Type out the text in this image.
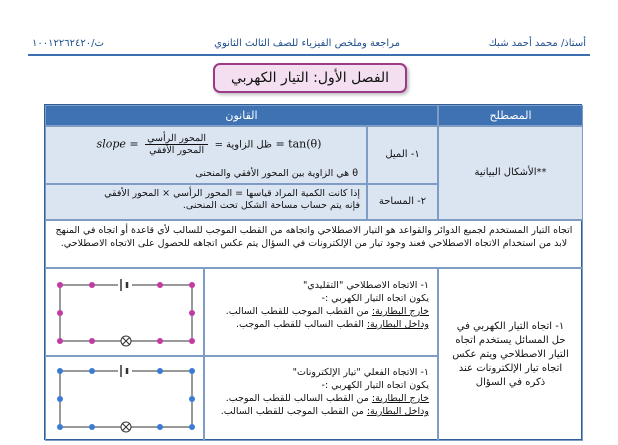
أستاذ/ محمد أحمد شبك
مراجعة وملخص الفيزياء للصف الثالث الثانوي
ت/١٠٠١٢٢٦٢٤٢٠
الفصل الأول: التيار الكهربي
المصطلح
القانون
**الأشكال البيانية
١- الميل
slope = $\frac{\text{المحور الرأسي}}{\text{المحور الأفقي}}$ = ظل الزاوية = tan(θ)
θ هي الزاوية بين المحور الأفقي والمنحنى
٢- المساحة
إذا كانت الكمية المراد قياسها = المحور الرأسي × المحور الأفقي
فإنه يتم حساب مساحة الشكل تحت المنحنى.
اتجاه التيار المستخدم لجميع الدوائر والقواعد هو التيار الاصطلاحي واتجاهه من القطب الموجب للسالب لأي قاعدة أو اتجاه في المنهج لابد من استخدام الاتجاه الاصطلاحي فعند وجود تيار من الإلكترونات في السؤال يتم عكس اتجاهه للحصول على الاتجاه الاصطلاحي.
١- اتجاه التيار الكهربي في حل المسائل يستخدم اتجاه التيار الاصطلاحي ويتم عكس اتجاه تيار الإلكترونات عند ذكره في السؤال
١- الاتجاه الاصطلاحي "التقليدي"
يكون اتجاه التيار الكهربي :-
خارج البطارية: من القطب الموجب للقطب السالب.
وداخل البطارية: القطب السالب للقطب الموجب.
١- الاتجاه الفعلي "تيار الإلكترونات"
يكون اتجاه التيار الكهربي :-
خارج البطارية: من القطب السالب للقطب الموجب.
وداخل البطارية: من القطب الموجب للقطب السالب.
